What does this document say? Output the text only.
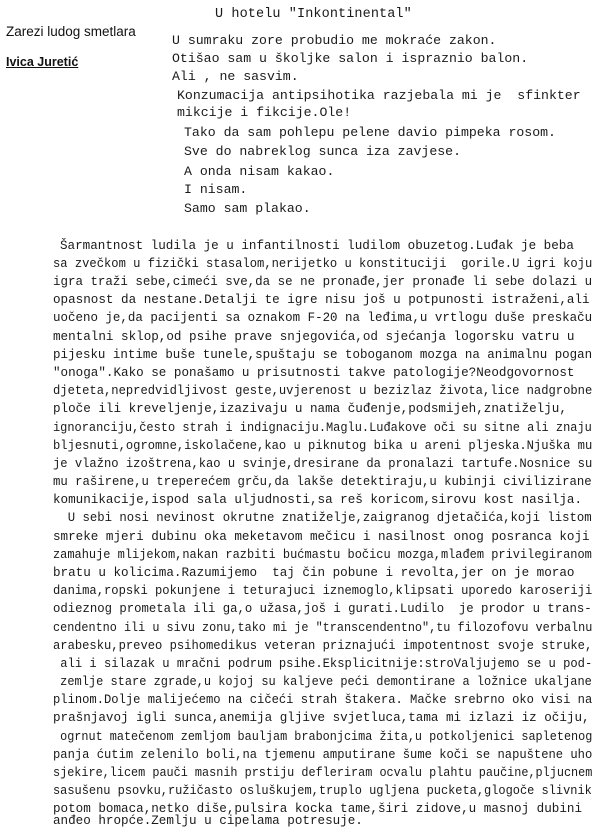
Zarezi ludog smetlara
Ivica Juretić
U hotelu "Inkontinental"
U sumraku zore probudio me mokraće zakon.
Otišao sam u školjke salon i ispraznio balon.
Ali , ne sasvim.
Konzumacija antipsihotika razjebala mi je  sfinkter
mikcije i fikcije.Ole!
Tako da sam pohlepu pelene davio pimpeka rosom.
Sve do nabreklog sunca iza zavjese.
A onda nisam kakao.
I nisam.
Samo sam plakao.
Šarmantnost ludila je u infantilnosti ludilom obuzetog.Luđak je beba
sa zvečkom u fizički stasalom,nerijetko u konstituciji  gorile.U igri koju
igra traži sebe,cimeći sve,da se ne pronađe,jer pronađe li sebe dolazi u
opasnost da nestane.Detalji te igre nisu još u potpunosti istraženi,ali
uočeno je,da pacijenti sa oznakom F-20 na leđima,u vrtlogu duše preskaču
mentalni sklop,od psihe prave snjegovića,od sjećanja logorsku vatru u
pijesku intime buše tunele,spuštaju se toboganom mozga na animalnu pogan
"onoga".Kako se ponašamo u prisutnosti takve patologije?Neodgovornost
djeteta,nepredvidljivost geste,uvjerenost u bezizlaz života,lice nadgrobne
ploče ili kreveljenje,izazivaju u nama čuđenje,podsmijeh,znatiželju,
ignoranciju,često strah i indignaciju.Maglu.Luđakove oči su sitne ali znaju
bljesnuti,ogromne,iskolačene,kao u piknutog bika u areni pljeska.Njuška mu
je vlažno izoštrena,kao u svinje,dresirane da pronalazi tartufe.Nosnice su
mu raširene,u treperećem grču,da lakše detektiraju,u kubinji civilizirane
komunikacije,ispod sala uljudnosti,sa reš koricom,sirovu kost nasilja.
U sebi nosi nevinost okrutne znatiželje,zaigranog djetačića,koji listom
smreke mjeri dubinu oka meketavom mečicu i nasilnost onog posranca koji
zamahuje mlijekom,nakan razbiti bućmastu bočicu mozga,mlađem privilegiranom
bratu u kolicima.Razumijemo  taj čin pobune i revolta,jer on je morao
danima,ropski pokunjene i teturajuci iznemoglo,klipsati uporedo karoseriji
odieznog prometala ili ga,o užasa,još i gurati.Ludilo  je prodor u trans-
cendentno ili u sivu zonu,tako mi je "transcendentno",tu filozofovu verbalnu
arabesku,preveo psihomedikus veteran priznajući impotentnost svoje struke,
ali i silazak u mračni podrum psihe.Eksplicitnije:stroValjujemo se u pod-
zemlje stare zgrade,u kojoj su kaljeve peći demontirane a ložnice ukaljane
plinom.Dolje malijećemo na cičeći strah štakera. Mačke srebrno oko visi na
prašnjavoj igli sunca,anemija gljive svjetluca,tama mi izlazi iz očiju,
ogrnut matečenom zemljom bauljam brabonjcima žita,u potkoljenici sapletenog
panja ćutim zelenilo boli,na tjemenu amputirane šume koči se napuštene uho
sjekire,licem pauči masnih prstiju defleriram ocvalu plahtu paučine,pljucnem
sasušenu psovku,ružičasto osluškujem,truplo ugljena pucketa,glogoče slivnik
potom bomaca,netko diše,pulsira kocka tame,širi zidove,u masnoj dubini
anđeo hropće.Zemlju u cipelama potresuje.
